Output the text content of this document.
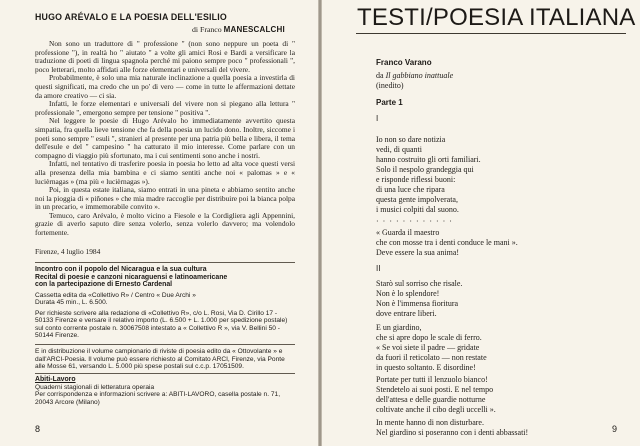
HUGO ARÉVALO E LA POESIA DELL'ESILIO
di Franco MANESCALCHI

Non sono un traduttore di " professione " (non sono neppure un poeta di " professione "), in realtà ho " aiutato " a volte gli amici Rosi e Bardi a versificare la traduzione di poeti di lingua spagnola perché mi paiono sempre poco " professionali ", poco letterari, molto affidati alle forze elementari e universali del vivere.

Probabilmente, è solo una mia naturale inclinazione a quella poesia a investirla di questi significati, ma credo che un po' di vero — come in tutte le affermazioni dettate da amore creativo — ci sia.

Infatti, le forze elementari e universali del vivere non si piegano alla lettura " professionale ", emergono sempre per tensione " positiva ".

Nel leggere le poesie di Hugo Arévalo ho immediatamente avvertito questa simpatia, fra quella lieve tensione che fa della poesia un lucido dono. Inoltre, siccome i poeti sono sempre " esuli ", stranieri al presente per una patria più bella e libera, il tema dell'esule e del " campesino " ha catturato il mio interesse. Come parlare con un compagno di viaggio più sfortunato, ma i cui sentimenti sono anche i nostri.

Infatti, nel tentativo di trasferire poesia in poesia ho letto ad alta voce questi versi alla presenza della mia bambina e ci siamo sentiti anche noi « palomas » e « lucièrnagas » (ma più « lucièrnagas »).

Poi, in questa estate italiana, siamo entrati in una pineta e abbiamo sentito anche noi la pioggia di « piñones » che mia madre raccoglie per distribuire poi la bianca polpa in un precario, « immemorabile convito ».

Temuco, caro Arévalo, è molto vicino a Fiesole e la Cordigliera agli Appennini, grazie di averlo saputo dire senza volerlo, senza volerlo davvero; ma volendolo fortemente.

Firenze, 4 luglio 1984
Incontro con il popolo del Nicaragua e la sua cultura
Recital di poesie e canzoni nicaraguensi e latinoamericane
con la partecipazione di Ernesto Cardenal
Cassetta edita da «Collettivo R» / Centro « Due Archi »
Durata 45 min., L. 6.500.
Per richieste scrivere alla redazione di «Collettivo R», c/o L. Rosi, Via D. Cirillo 17 - 50133 Firenze e versare il relativo importo (L. 6.500 + L. 1.000 per spedizione postale) sul conto corrente postale n. 30067508 intestato a « Collettivo R », via V. Bellini 50 - 50144 Firenze.
E in distribuzione il volume campionario di riviste di poesia edito da « Ottovolante » e dall'ARCI-Poesia. Il volume può essere richiesto al Comitato ARCI, Firenze, via Ponte alle Mosse 61, versando L. 5.000 più spese postali sul c.c.p. 17051509.
Abiti-Lavoro
Quaderni stagionali di letteratura operaia
Per corrispondenza e informazioni scrivere a: ABITI-LAVORO, casella postale n. 71, 20043 Arcore (Milano)
8
TESTI/POESIA ITALIANA
Franco Varano
da Il gabbiano inattuale
(inedito)
Parte 1
I
Io non so dare notizia
vedi, di quanti
hanno costruito gli orti familiari.
Solo il nespolo grandeggia qui
e risponde riflessi buoni:
di una luce che ripara
questa gente impolverata,
i musici colpiti dal suono.
· · · · · · · · · · · ·
« Guarda il maestro
che con mosse tra i denti conduce le mani ».
Deve essere la sua anima!
II
Starò sul sorriso che risale.
Non è lo splendore!
Non è l'immensa fioritura
dove entrare liberi.
E un giardino,
che si apre dopo le scale di ferro.
« Se voi siete il padre — gridate
da fuori il reticolato — non restate
in questo soltanto. E disordine!
Portate per tutti il lenzuolo bianco!
Stendetelo ai suoi posti. E nel tempo
dell'attesa e delle guardie notturne
coltivate anche il cibo degli uccelli ».
In mente hanno di non disturbare.
Nel giardino si poseranno con i denti abbassati!	9
